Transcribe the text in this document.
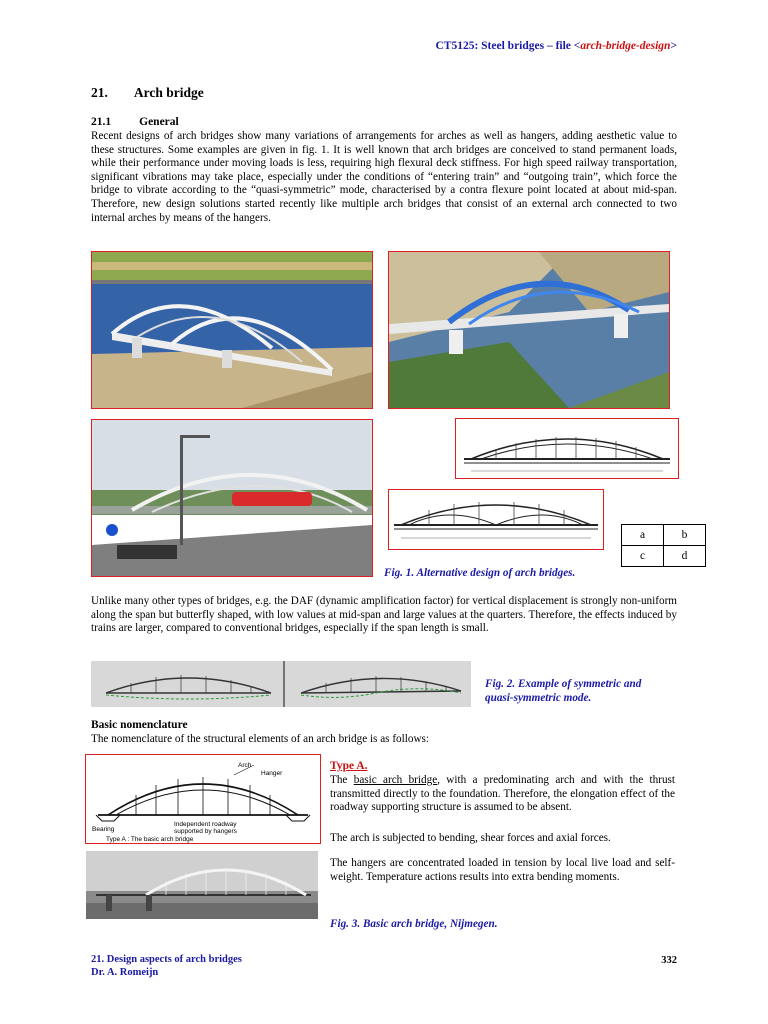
CT5125: Steel bridges – file <arch-bridge-design>
21. Arch bridge
21.1 General

Recent designs of arch bridges show many variations of arrangements for arches as well as hangers, adding aesthetic value to these structures. Some examples are given in fig. 1. It is well known that arch bridges are conceived to stand permanent loads, while their performance under moving loads is less, requiring high flexural deck stiffness. For high speed railway transportation, significant vibrations may take place, especially under the conditions of “entering train” and “outgoing train”, which force the bridge to vibrate according to the “quasi-symmetric” mode, characterised by a contra flexure point located at about mid-span. Therefore, new design solutions started recently like multiple arch bridges that consist of an external arch connected to two internal arches by means of the hangers.

a	b
c	d
Fig. 1. Alternative design of arch bridges.

Unlike many other types of bridges, e.g. the DAF (dynamic amplification factor) for vertical displacement is strongly non-uniform along the span but butterfly shaped, with low values at mid-span and large values at the quarters. Therefore, the effects induced by trains are larger, compared to conventional bridges, especially if the span length is small.

Fig. 2. Example of symmetric and
quasi-symmetric mode.
Basic nomenclature
The nomenclature of the structural elements of an arch bridge is as follows:
Arch
Hanger
Independent roadway
supported by hangers
Bearing
Type A : The basic arch bridge
Type A.

The basic arch bridge, with a predominating arch and with the thrust transmitted directly to the foundation. Therefore, the elongation effect of the roadway supporting structure is assumed to be absent.

The arch is subjected to bending, shear forces and axial forces.

The hangers are concentrated loaded in tension by local live load and self-weight. Temperature actions results into extra bending moments.

Fig. 3. Basic arch bridge, Nijmegen.
21. Design aspects of arch bridges
Dr. A. Romeijn
332
